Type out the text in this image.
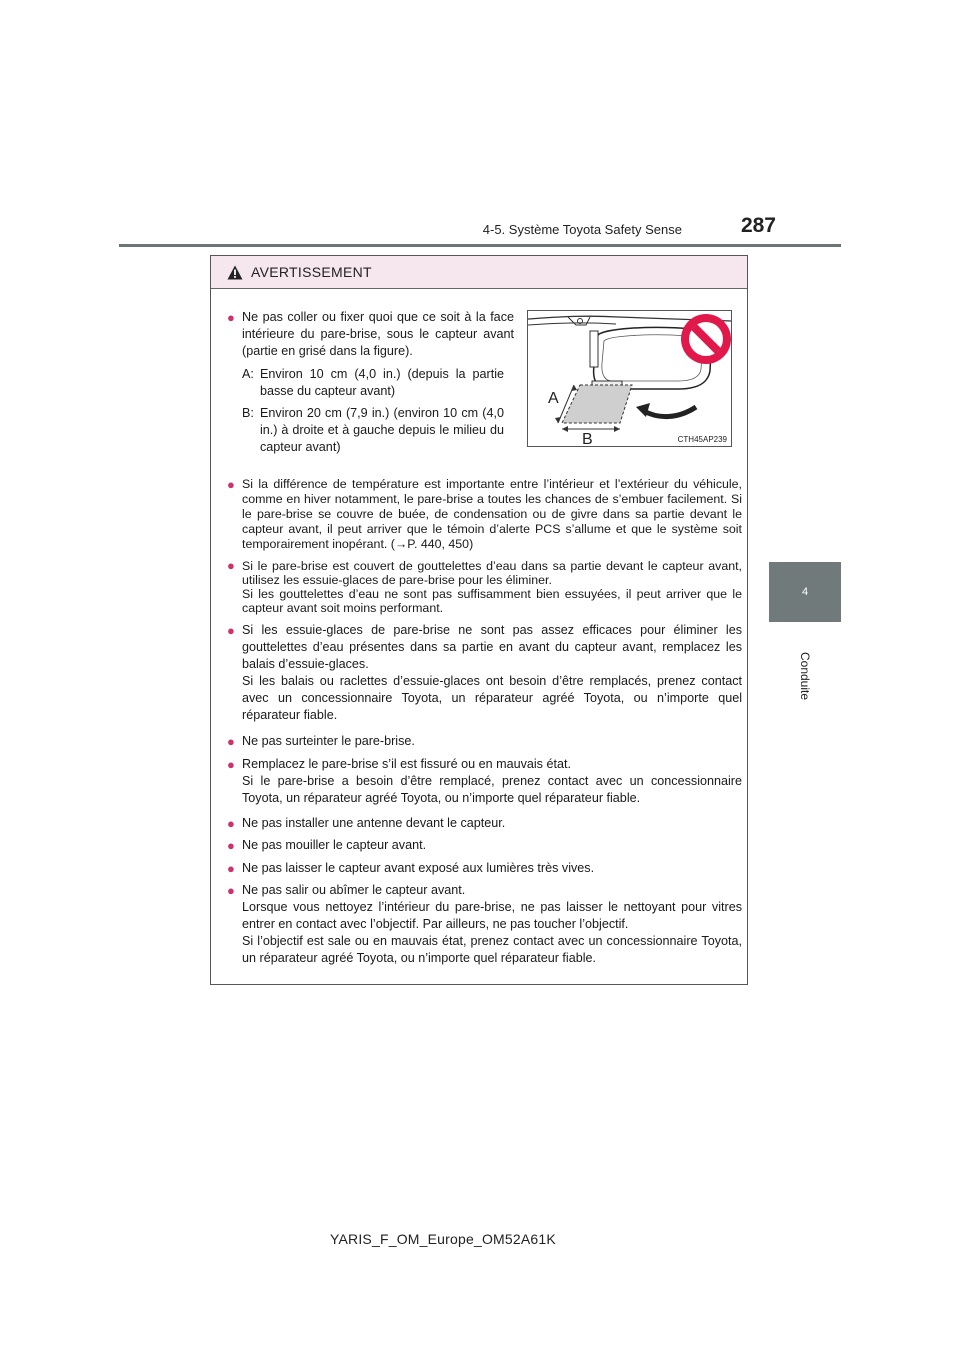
4-5. Système Toyota Safety Sense	287
4
Conduite
AVERTISSEMENT
● Ne pas coller ou fixer quoi que ce soit à la face intérieure du pare-brise, sous le capteur avant (partie en grisé dans la figure).

A: Environ 10 cm (4,0 in.) (depuis la partie basse du capteur avant)
B: Environ 20 cm (7,9 in.) (environ 10 cm (4,0 in.) à droite et à gauche depuis le milieu du capteur avant)
A
B	CTH45AP239
● Si la différence de température est importante entre l’intérieur et l’extérieur du véhicule, comme en hiver notamment, le pare-brise a toutes les chances de s’embuer facilement. Si le pare-brise se couvre de buée, de condensation ou de givre dans sa partie devant le capteur avant, il peut arriver que le témoin d’alerte PCS s’allume et que le système soit temporairement inopérant. (→P. 440, 450)

● Si le pare-brise est couvert de gouttelettes d’eau dans sa partie devant le capteur avant, utilisez les essuie-glaces de pare-brise pour les éliminer.

Si les gouttelettes d’eau ne sont pas suffisamment bien essuyées, il peut arriver que le capteur avant soit moins performant.

● Si les essuie-glaces de pare-brise ne sont pas assez efficaces pour éliminer les gouttelettes d’eau présentes dans sa partie en avant du capteur avant, remplacez les balais d’essuie-glaces.

Si les balais ou raclettes d’essuie-glaces ont besoin d’être remplacés, prenez contact avec un concessionnaire Toyota, un réparateur agréé Toyota, ou n’importe quel réparateur fiable.

● Ne pas surteinter le pare-brise.

● Remplacez le pare-brise s’il est fissuré ou en mauvais état.

Si le pare-brise a besoin d’être remplacé, prenez contact avec un concessionnaire Toyota, un réparateur agréé Toyota, ou n’importe quel réparateur fiable.

● Ne pas installer une antenne devant le capteur.

● Ne pas mouiller le capteur avant.

● Ne pas laisser le capteur avant exposé aux lumières très vives.

● Ne pas salir ou abîmer le capteur avant.

Lorsque vous nettoyez l’intérieur du pare-brise, ne pas laisser le nettoyant pour vitres entrer en contact avec l’objectif. Par ailleurs, ne pas toucher l’objectif.

Si l’objectif est sale ou en mauvais état, prenez contact avec un concessionnaire Toyota, un réparateur agréé Toyota, ou n’importe quel réparateur fiable.

YARIS_F_OM_Europe_OM52A61K
